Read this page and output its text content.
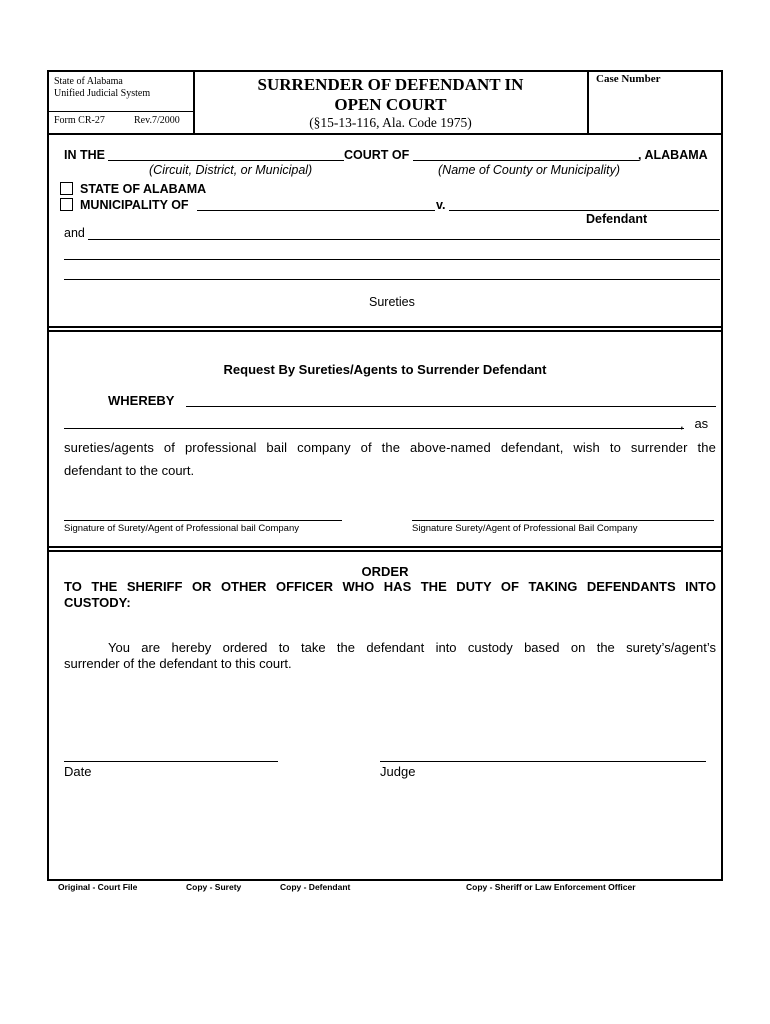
State of Alabama
Unified Judicial System
Form CR-27	Rev.7/2000
SURRENDER OF DEFENDANT IN
OPEN COURT
(§15-13-116, Ala. Code 1975)
Case Number
IN THE	COURT OF	, ALABAMA
(Circuit, District, or Municipal)	(Name of County or Municipality)
STATE OF ALABAMA
MUNICIPALITY OF	v.
Defendant
and
Sureties
Request By Sureties/Agents to Surrender Defendant
WHEREBY
,   as
sureties/agents of professional bail company of the above-named defendant, wish to surrender the
defendant to the court.
Signature of Surety/Agent of Professional bail Company	Signature Surety/Agent of Professional Bail Company
ORDER
TO THE SHERIFF OR OTHER OFFICER WHO HAS THE DUTY OF TAKING DEFENDANTS INTO
CUSTODY:
You are hereby ordered to take the defendant into custody based on the surety’s/agent’s
surrender of the defendant to this court.
Date	Judge
Original - Court File	Copy - Surety	Copy - Defendant	Copy - Sheriff or Law Enforcement Officer
